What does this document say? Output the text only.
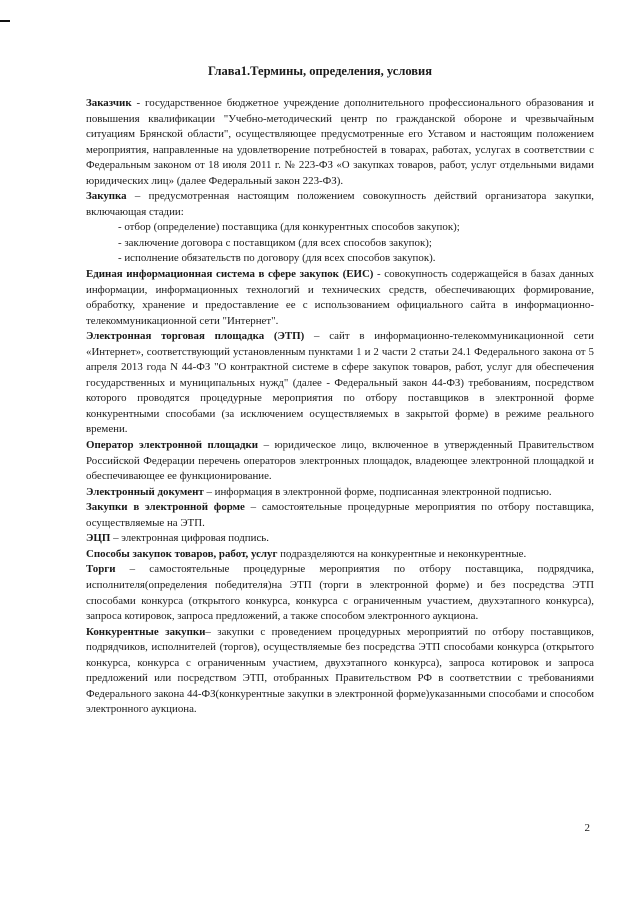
Глава1.Термины, определения, условия

Заказчик - государственное бюджетное учреждение дополнительного профессионального образования и повышения квалификации "Учебно-методический центр по гражданской обороне и чрезвычайным ситуациям Брянской области", осуществляющее предусмотренные его Уставом и настоящим положением мероприятия, направленные на удовлетворение потребностей в товарах, работах, услугах в соответствии с Федеральным законом от 18 июля 2011 г. № 223-ФЗ «О закупках товаров, работ, услуг отдельными видами юридических лиц» (далее Федеральный закон 223-ФЗ).

Закупка – предусмотренная настоящим положением совокупность действий организатора закупки, включающая стадии:

- отбор (определение) поставщика (для конкурентных способов закупок);

- заключение договора с поставщиком (для всех способов закупок);

- исполнение обязательств по договору (для всех способов закупок).

Единая информационная система в сфере закупок (ЕИС) - совокупность содержащейся в базах данных информации, информационных технологий и технических средств, обеспечивающих формирование, обработку, хранение и предоставление ее с использованием официального сайта в информационно-телекоммуникационной сети "Интернет".

Электронная торговая площадка (ЭТП) – сайт в информационно-телекоммуникационной сети «Интернет», соответствующий установленным пунктами 1 и 2 части 2 статьи 24.1 Федерального закона от 5 апреля 2013 года N 44-ФЗ "О контрактной системе в сфере закупок товаров, работ, услуг для обеспечения государственных и муниципальных нужд" (далее - Федеральный закон 44-ФЗ) требованиям, посредством которого проводятся процедурные мероприятия по отбору поставщиков в электронной форме конкурентными способами (за исключением осуществляемых в закрытой форме) в режиме реального времени.

Оператор электронной площадки – юридическое лицо, включенное в утвержденный Правительством Российской Федерации перечень операторов электронных площадок, владеющее электронной площадкой и обеспечивающее ее функционирование.

Электронный документ – информация в электронной форме, подписанная электронной подписью.

Закупки в электронной форме – самостоятельные процедурные мероприятия по отбору поставщика, осуществляемые на ЭТП.

ЭЦП – электронная цифровая подпись.

Способы закупок товаров, работ, услуг подразделяются на конкурентные и неконкурентные.

Торги – самостоятельные процедурные мероприятия по отбору поставщика, подрядчика, исполнителя(определения победителя)на ЭТП (торги в электронной форме) и без посредства ЭТП способами конкурса (открытого конкурса, конкурса с ограниченным участием, двухэтапного конкурса), запроса котировок, запроса предложений, а также способом электронного аукциона.

Конкурентные закупки– закупки с проведением процедурных мероприятий по отбору поставщиков, подрядчиков, исполнителей (торгов), осуществляемые без посредства ЭТП способами конкурса (открытого конкурса, конкурса с ограниченным участием, двухэтапного конкурса), запроса котировок и запроса предложений или посредством ЭТП, отобранных Правительством РФ в соответствии с требованиями Федерального закона 44-ФЗ(конкурентные закупки в электронной форме)указанными способами и способом электронного аукциона.

2
